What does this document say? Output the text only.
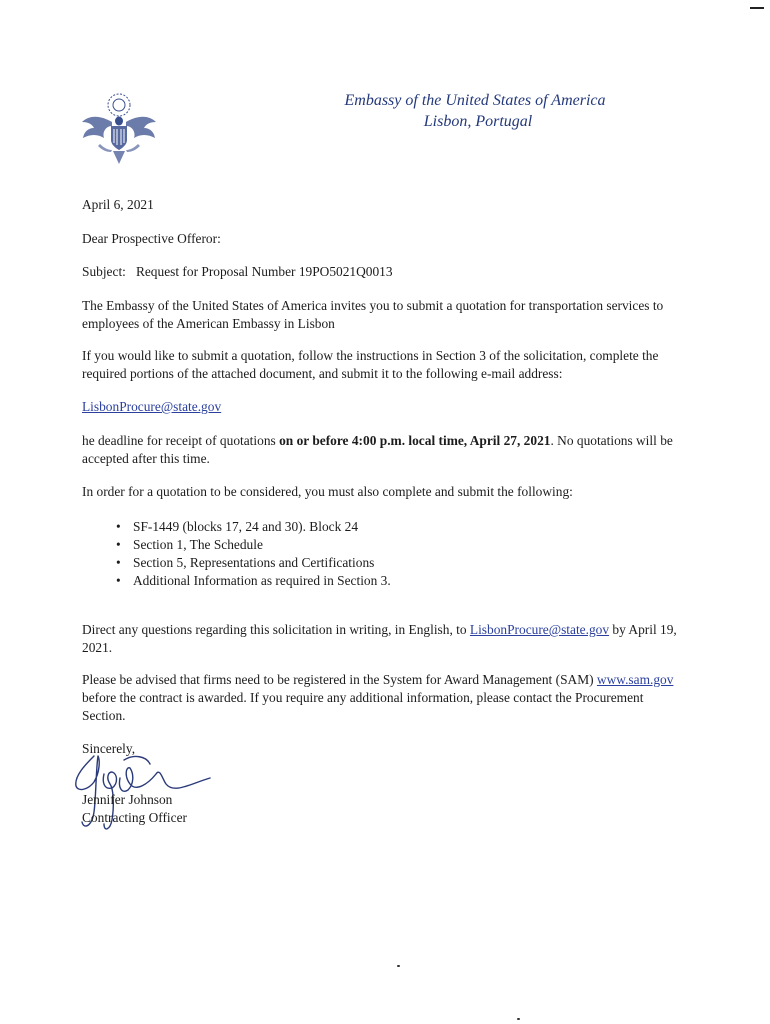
Embassy of the United States of America
Lisbon, Portugal
April 6, 2021
Dear Prospective Offeror:
Subject: Request for Proposal Number 19PO5021Q0013
The Embassy of the United States of America invites you to submit a quotation for transportation services to employees of the American Embassy in Lisbon
If you would like to submit a quotation, follow the instructions in Section 3 of the solicitation, complete the required portions of the attached document, and submit it to the following e-mail address:
LisbonProcure@state.gov
he deadline for receipt of quotations on or before 4:00 p.m. local time, April 27, 2021. No quotations will be accepted after this time.
In order for a quotation to be considered, you must also complete and submit the following:
• SF-1449 (blocks 17, 24 and 30). Block 24
• Section 1, The Schedule
• Section 5, Representations and Certifications
• Additional Information as required in Section 3.
Direct any questions regarding this solicitation in writing, in English, to LisbonProcure@state.gov by April 19, 2021.
Please be advised that firms need to be registered in the System for Award Management (SAM) www.sam.gov before the contract is awarded. If you require any additional information, please contact the Procurement Section.
Sincerely,
Jennifer Johnson
Contracting Officer
